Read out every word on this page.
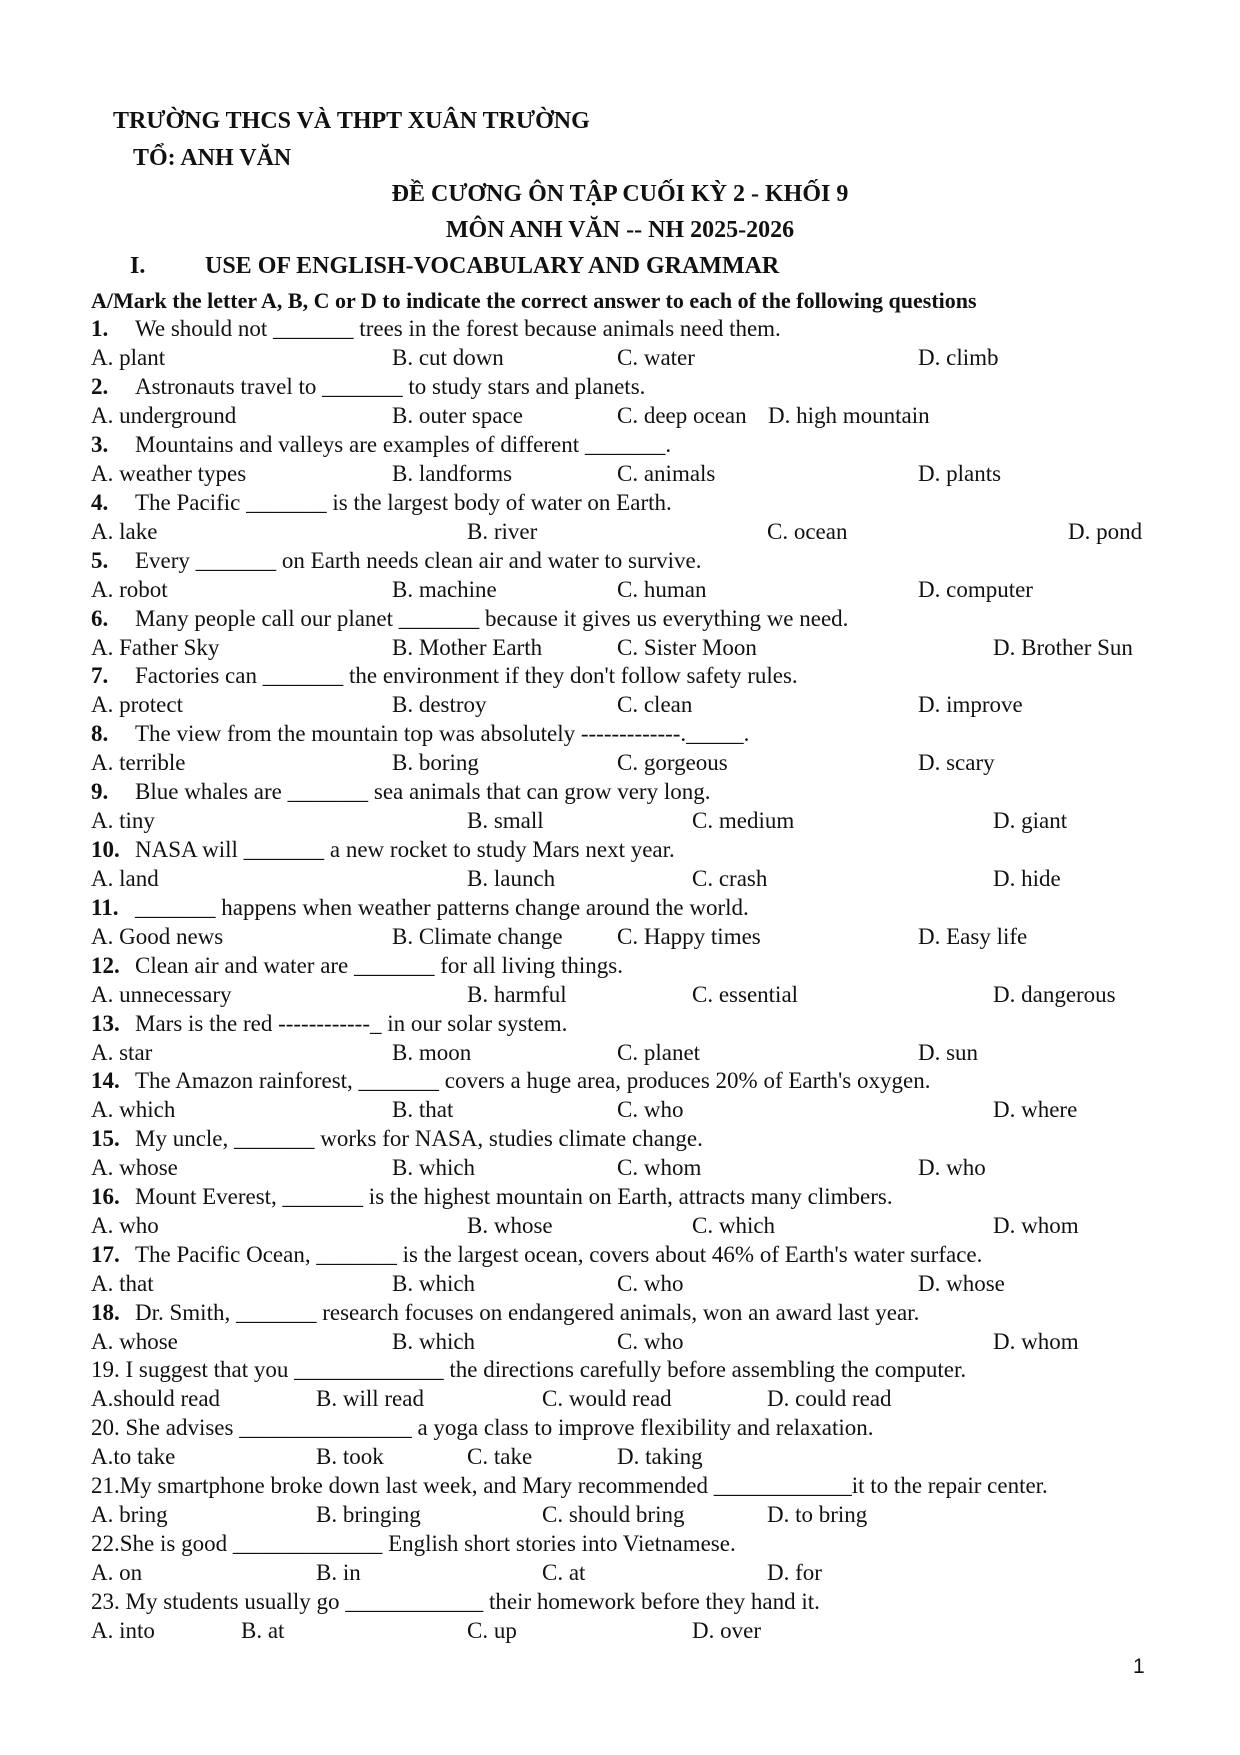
TRƯỜNG THCS VÀ THPT XUÂN TRƯỜNG
TỔ: ANH VĂN
ĐỀ CƯƠNG ÔN TẬP CUỐI KỲ 2 - KHỐI 9
MÔN ANH VĂN -- NH 2025-2026
I. USE OF ENGLISH-VOCABULARY AND GRAMMAR
A/Mark the letter A, B, C or D to indicate the correct answer to each of the following questions
1. We should not _______ trees in the forest because animals need them.
A. plant	B. cut down	C. water	D. climb
2. Astronauts travel to _______ to study stars and planets.
A. underground	B. outer space	C. deep ocean D. high mountain
3. Mountains and valleys are examples of different _______.
A. weather types	B. landforms	C. animals	D. plants
4. The Pacific _______ is the largest body of water on Earth.
A. lake	B. river	C. ocean	D. pond
5. Every _______ on Earth needs clean air and water to survive.
A. robot	B. machine	C. human	D. computer
6. Many people call our planet _______ because it gives us everything we need.
A. Father Sky	B. Mother Earth	C. Sister Moon	D. Brother Sun
7. Factories can _______ the environment if they don't follow safety rules.
A. protect	B. destroy	C. clean	D. improve
8. The view from the mountain top was absolutely -------------._____.
A. terrible	B. boring	C. gorgeous	D. scary
9. Blue whales are _______ sea animals that can grow very long.
A. tiny	B. small	C. medium	D. giant
10. NASA will _______ a new rocket to study Mars next year.
A. land	B. launch	C. crash	D. hide
11. _______ happens when weather patterns change around the world.
A. Good news	B. Climate change C. Happy times	D. Easy life
12. Clean air and water are _______ for all living things.
A. unnecessary	B. harmful	C. essential	D. dangerous
13. Mars is the red ------------_ in our solar system.
A. star	B. moon	C. planet	D. sun
14. The Amazon rainforest, _______ covers a huge area, produces 20% of Earth's oxygen.
A. which	B. that	C. who	D. where
15. My uncle, _______ works for NASA, studies climate change.
A. whose	B. which	C. whom	D. who
16. Mount Everest, _______ is the highest mountain on Earth, attracts many climbers.
A. who	B. whose	C. which	D. whom
17. The Pacific Ocean, _______ is the largest ocean, covers about 46% of Earth's water surface.
A. that	B. which	C. who	D. whose
18. Dr. Smith, _______ research focuses on endangered animals, won an award last year.
A. whose	B. which	C. who	D. whom
19. I suggest that you _____________ the directions carefully before assembling the computer.
A.should read	B. will read	C. would read	D. could read
20. She advises _______________ a yoga class to improve flexibility and relaxation.
A.to take	B. took	C. take	D. taking
21.My smartphone broke down last week, and Mary recommended ____________it to the repair center.
A. bring	B. bringing	C. should bring	D. to bring
22.She is good _____________ English short stories into Vietnamese.
A. on	B. in	C. at	D. for
23. My students usually go ____________ their homework before they hand it.
A. into	B. at	C. up	D. over
1
